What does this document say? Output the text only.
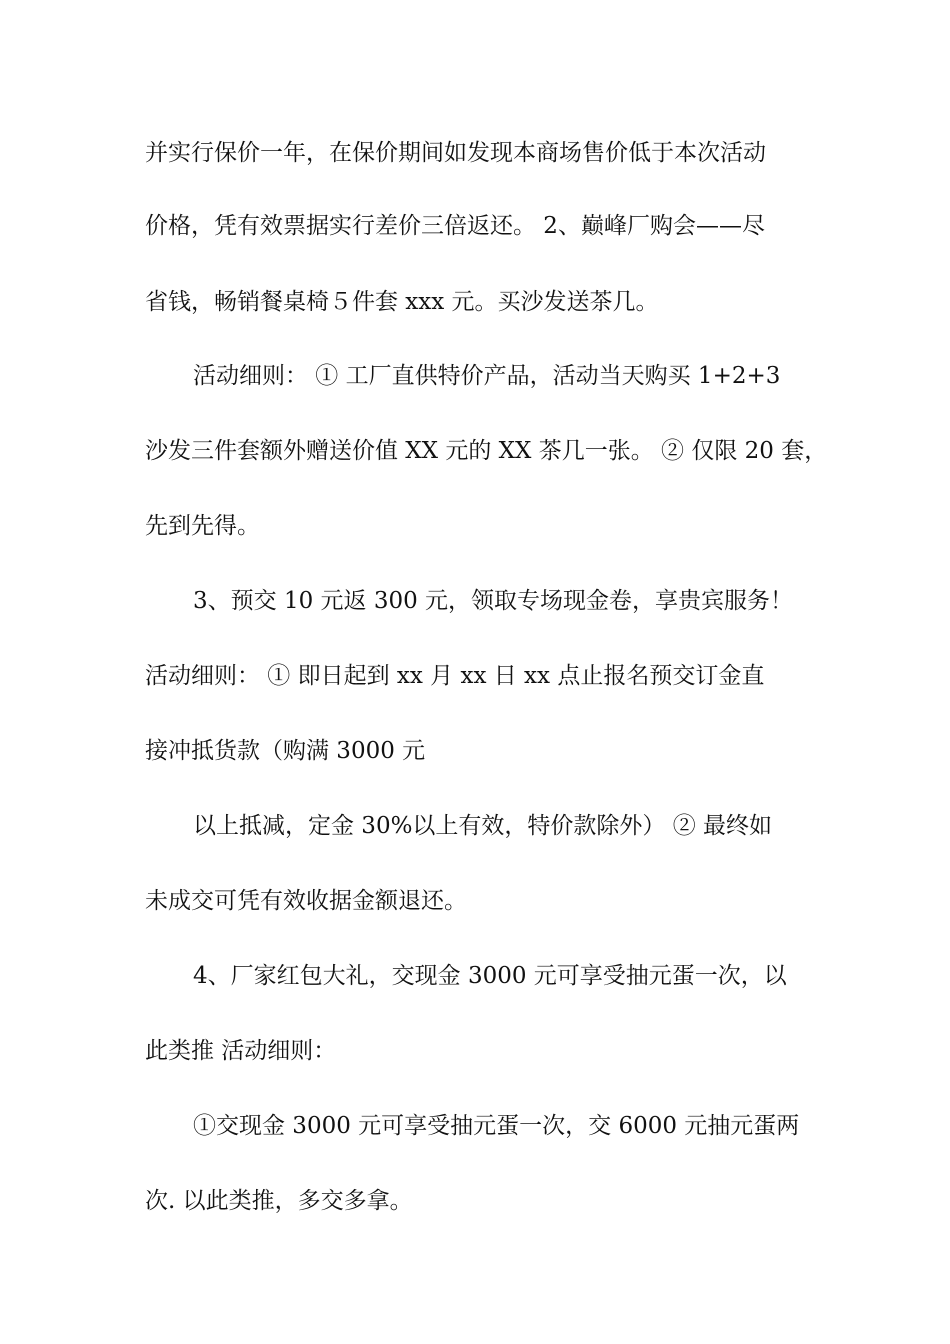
并实行保价一年，在保价期间如发现本商场售价低于本次活动
价格，凭有效票据实行差价三倍返还。 2、巅峰厂购会——尽
省钱，畅销餐桌椅５件套 xxx 元。买沙发送茶几。
活动细则： ① 工厂直供特价产品，活动当天购买 1+2+3
沙发三件套额外赠送价值 XX 元的 XX 茶几一张。 ② 仅限 20 套，
先到先得。
3、预交 10 元返 300 元，领取专场现金卷，享贵宾服务！
活动细则： ① 即日起到 xx 月 xx 日 xx 点止报名预交订金直
接冲抵货款（购满 3000 元
以上抵减，定金 30%以上有效，特价款除外） ② 最终如
未成交可凭有效收据金额退还。
4、厂家红包大礼，交现金 3000 元可享受抽元蛋一次，以
此类推 活动细则：
①交现金 3000 元可享受抽元蛋一次，交 6000 元抽元蛋两
次. 以此类推，多交多拿。
